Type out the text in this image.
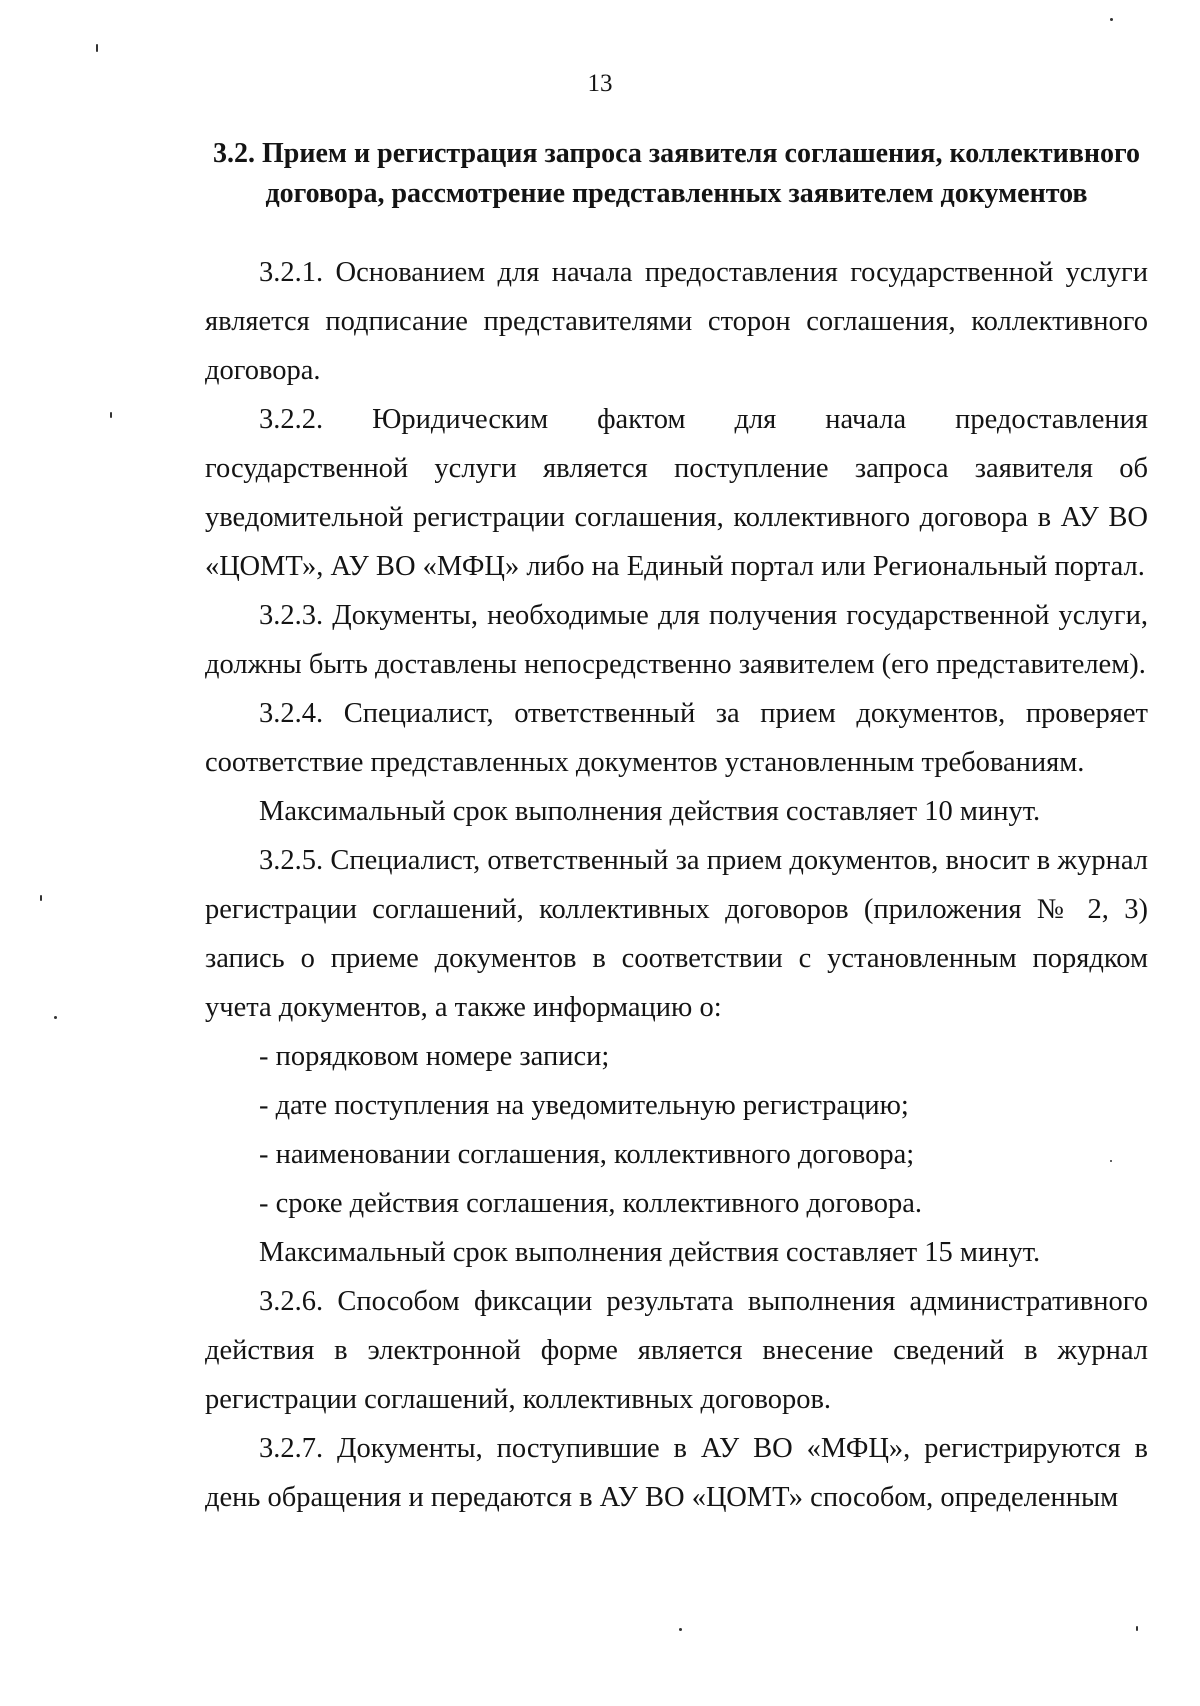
13
3.2. Прием и регистрация запроса заявителя соглашения, коллективного договора, рассмотрение представленных заявителем документов

3.2.1. Основанием для начала предоставления государственной услуги является подписание представителями сторон соглашения, коллективного договора.

3.2.2. Юридическим фактом для начала предоставления государственной услуги является поступление запроса заявителя об уведомительной регистрации соглашения, коллективного договора в АУ ВО «ЦОМТ», АУ ВО «МФЦ» либо на Единый портал или Региональный портал.

3.2.3. Документы, необходимые для получения государственной услуги, должны быть доставлены непосредственно заявителем (его представителем).

3.2.4. Специалист, ответственный за прием документов, проверяет соответствие представленных документов установленным требованиям.

Максимальный срок выполнения действия составляет 10 минут.

3.2.5. Специалист, ответственный за прием документов, вносит в журнал регистрации соглашений, коллективных договоров (приложения № 2, 3) запись о приеме документов в соответствии с установленным порядком учета документов, а также информацию о:

- порядковом номере записи;

- дате поступления на уведомительную регистрацию;

- наименовании соглашения, коллективного договора;

- сроке действия соглашения, коллективного договора.

Максимальный срок выполнения действия составляет 15 минут.

3.2.6. Способом фиксации результата выполнения административного действия в электронной форме является внесение сведений в журнал регистрации соглашений, коллективных договоров.

3.2.7. Документы, поступившие в АУ ВО «МФЦ», регистрируются в день обращения и передаются в АУ ВО «ЦОМТ» способом, определенным
